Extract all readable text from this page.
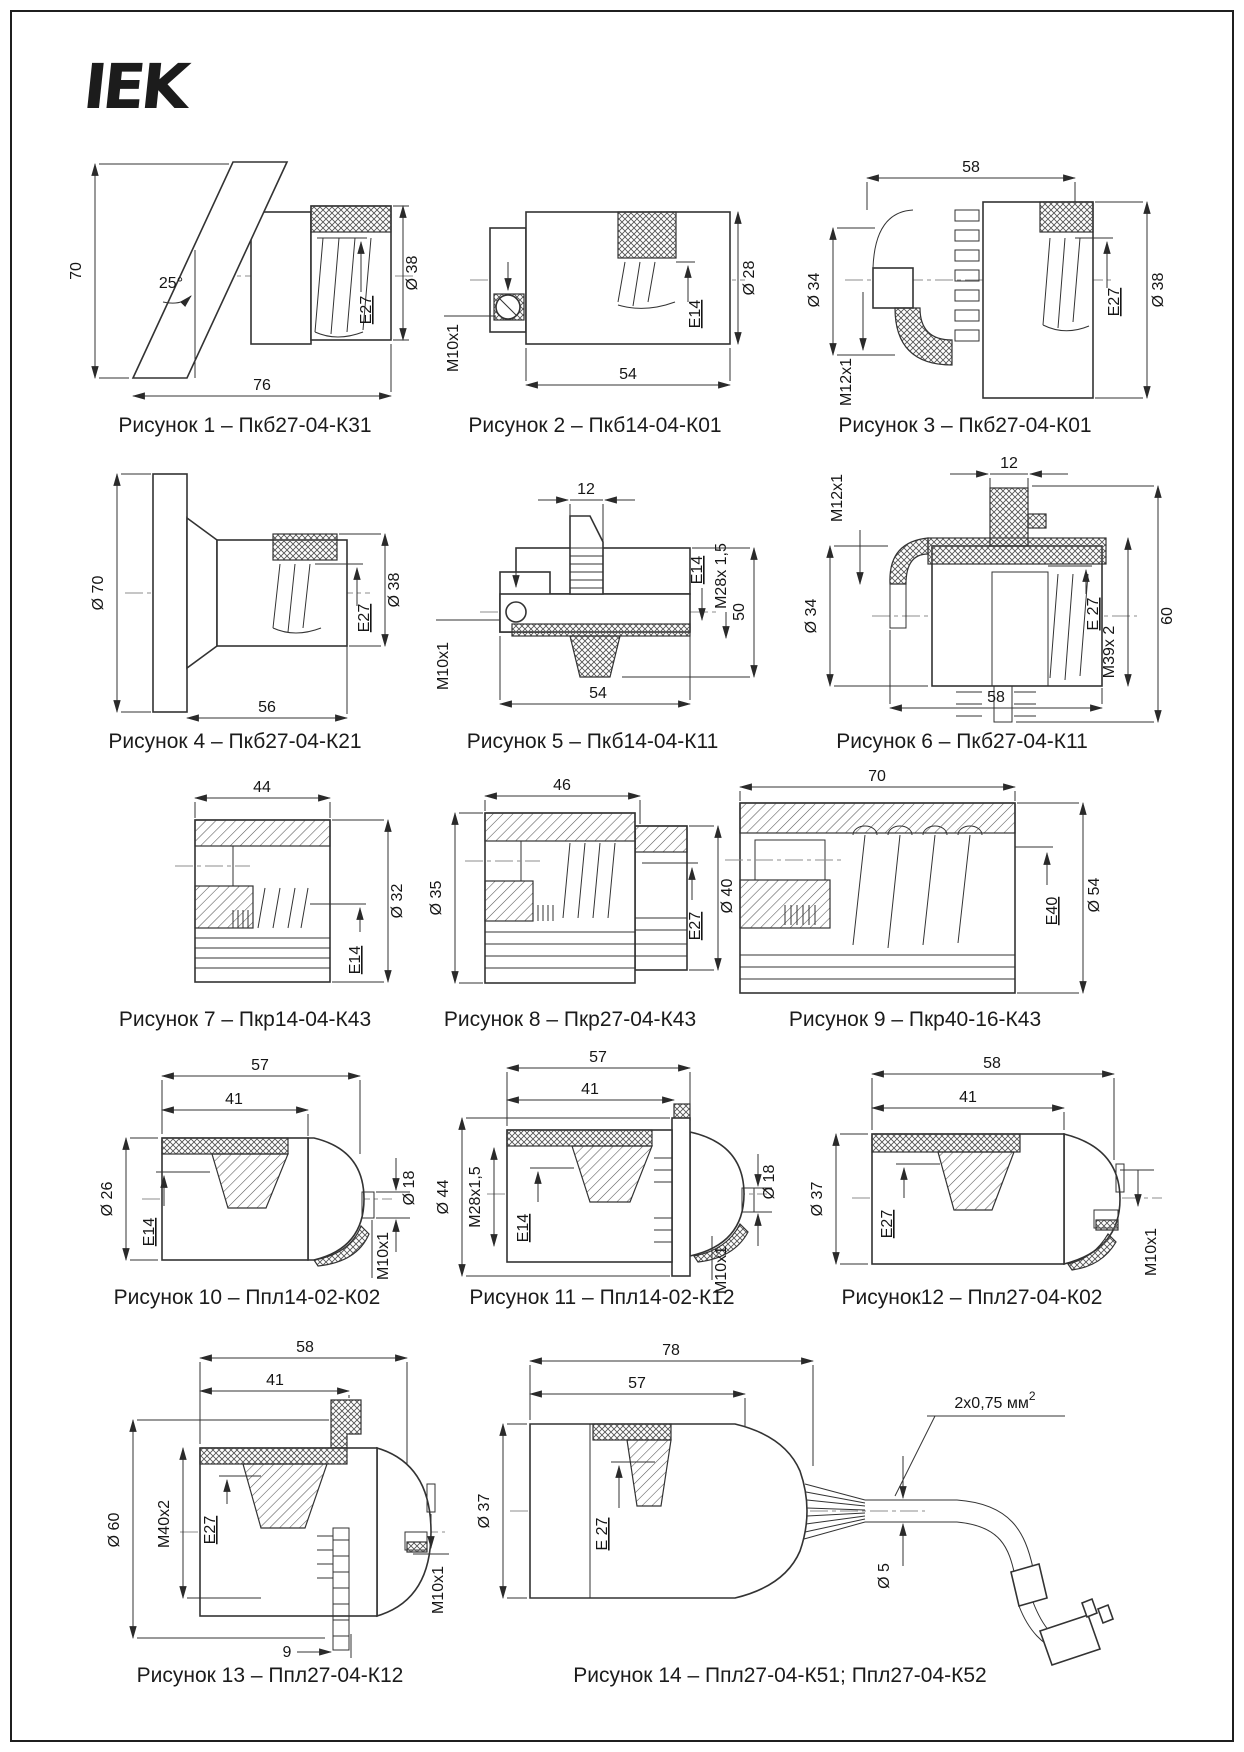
IEK
25°
70
76
E27
Ø 38
Рисунок 1 – Пкб27-04-К31
M10x1
54
E14
Ø 28
Рисунок 2 – Пкб14-04-К01
58
Ø 34
M12x1
E27 Ø 38
Рисунок 3 – Пкб27-04-К01
Ø 70
56
E27
Ø 38
Рисунок 4 – Пкб27-04-К21
12
M10x1
54
E14 M28x 1,5
50
Рисунок 5 – Пкб14-04-К11
M12x1
12
Ø 34	E 27
M39x 2
60
58
Рисунок 6 – Пкб27-04-К11
44
E14
Ø 32
Рисунок 7 – Пкр14-04-К43
46
Ø 35
E27
Ø 40
Рисунок 8 – Пкр27-04-К43
70
E40 Ø 54
Рисунок 9 – Пкр40-16-К43
57
41
Ø 26
E14
Ø 18
M10x1
Рисунок 10 – Ппл14-02-К02
57
41
Ø 44 M28x1,5
E14
Ø 18
M10x1
Рисунок 11 – Ппл14-02-К12
58
41
Ø 37
E27
M10x1
Рисунок12 – Ппл27-04-К02
58
41
Ø 60 M40x2 E27
M10x1
9
Рисунок 13 – Ппл27-04-К12
78
57
2х0,75 $мм^2$
Ø 37
E 27
Ø 5
Рисунок 14 – Ппл27-04-К51; Ппл27-04-К52
